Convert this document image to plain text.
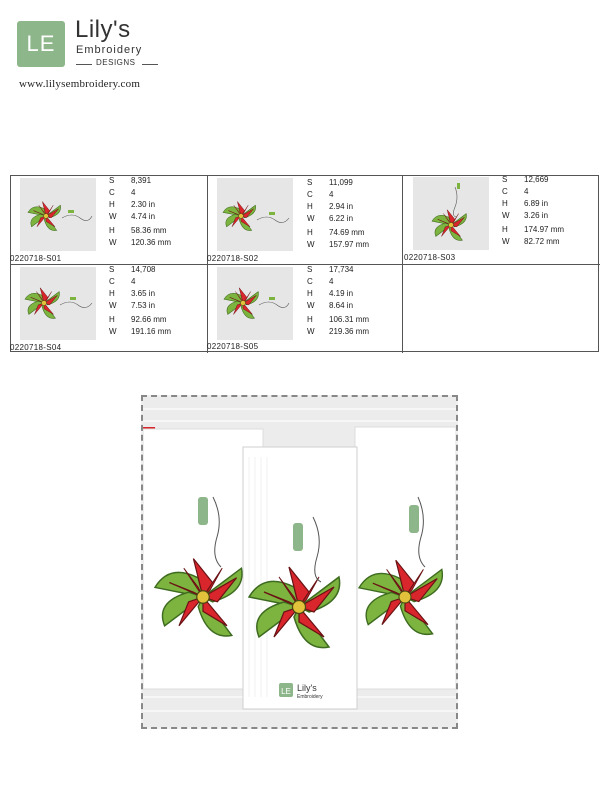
LE
Lily's
Embroidery
DESIGNS
www.lilysembroidery.com
0220718-S01
S 8,391
C 4
H 2.30 in
W 4.74 in
H 58.36 mm
W 120.36 mm
0220718-S02
S 11,099
C 4
H 2.94 in
W 6.22 in
H 74.69 mm
W 157.97 mm
0220718-S03
S 12,669
C 4
H 6.89 in
W 3.26 in
H 174.97 mm
W 82.72 mm
0220718-S04
S 14,708
C 4
H 3.65 in
W 7.53 in
H 92.66 mm
W 191.16 mm
0220718-S05
S 17,734
C 4
H 4.19 in
W 8.64 in
H 106.31 mm
W 219.36 mm
LE Lily's
Embroidery
